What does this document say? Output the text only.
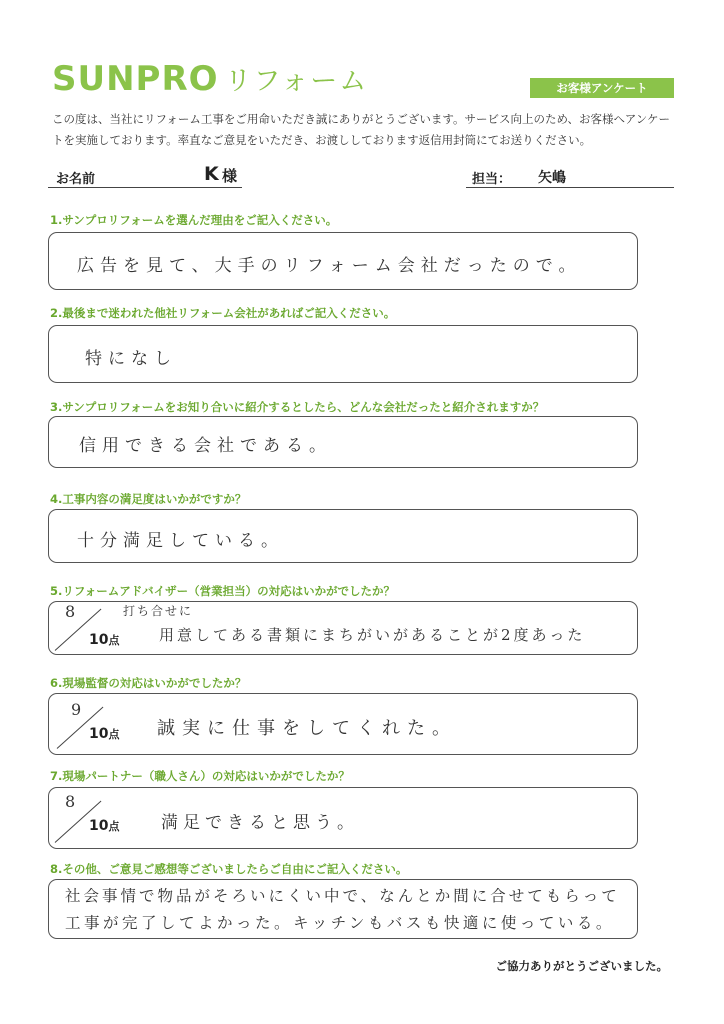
SUNPRO リフォーム	お客様アンケート
この度は、当社にリフォーム工事をご用命いただき誠にありがとうございます。サービス向上のため、お客様へアンケー
トを実施しております。率直なご意見をいただき、お渡ししております返信用封筒にてお送りください。
お名前	K 様	担当： 矢嶋
1.サンプロリフォームを選んだ理由をご記入ください。
広告を見て、大手のリフォーム会社だったので。
2.最後まで迷われた他社リフォーム会社があればご記入ください。
特になし
3.サンプロリフォームをお知り合いに紹介するとしたら、どんな会社だったと紹介されますか？
信用できる会社である。
4.工事内容の満足度はいかがですか？
十分満足している。
5.リフォームアドバイザー（営業担当）の対応はいかがでしたか？
8
10点
打ち合せに
用意してある書類にまちがいがあることが2度あった
6.現場監督の対応はいかがでしたか？
9
10点 誠実に仕事をしてくれた。
7.現場パートナー（職人さん）の対応はいかがでしたか？
8
10点 満足できると思う。
8.その他、ご意見ご感想等ございましたらご自由にご記入ください。
社会事情で物品がそろいにくい中で、なんとか間に合せてもらって
工事が完了してよかった。キッチンもバスも快適に使っている。
ご協力ありがとうございました。
